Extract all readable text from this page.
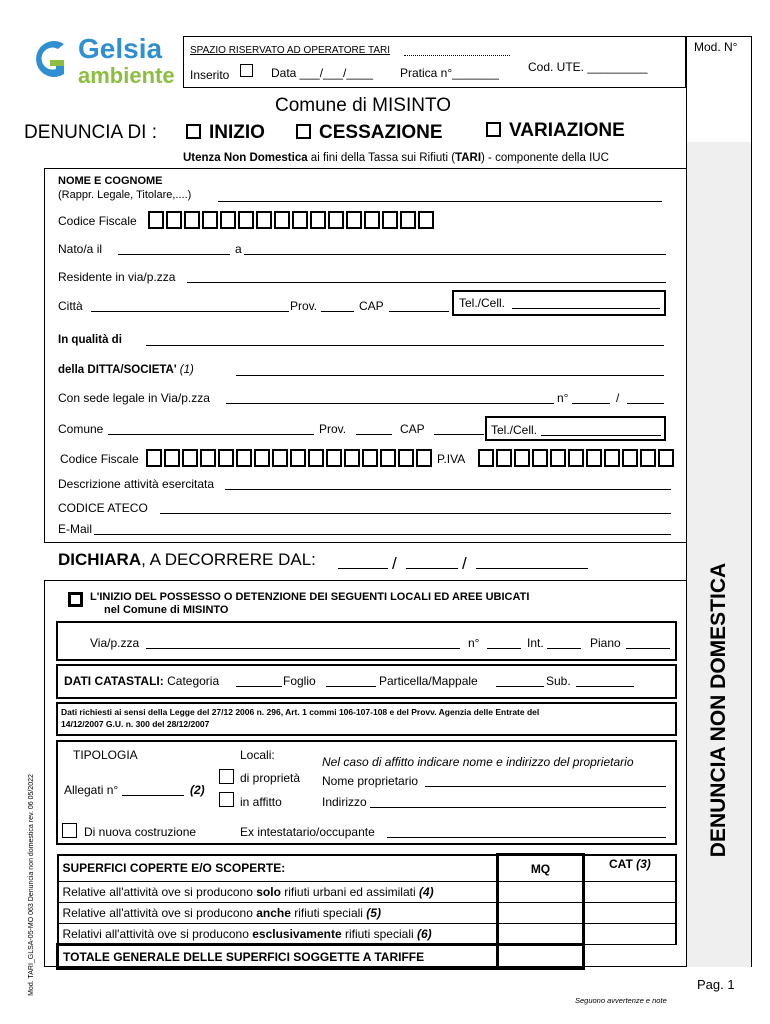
Gelsia
ambiente
SPAZIO RISERVATO AD OPERATORE TARI
Inserito	Data ___/___/____ Pratica n°_______ Cod. UTE. _________
Mod. N°
Comune di MISINTO
DENUNCIA DI :	INIZIO	CESSAZIONE	VARIAZIONE
Utenza Non Domestica ai fini della Tassa sui Rifiuti (TARI) - componente della IUC
DENUNCIA NON DOMESTICA
Mod. TARI_GLSA-05-MO 063 Denuncia non domestica rev. 06 05/2022
NOME E COGNOME
(Rappr. Legale, Titolare,....)
Codice Fiscale
Nato/a il	a
Residente in via/p.zza
Città	Prov.	CAP	Tel./Cell.
In qualità di
della DITTA/SOCIETA' (1)
Con sede legale in Via/p.zza	n°	/
Comune	Prov.	CAP	Tel./Cell.
Codice Fiscale	P.IVA
Descrizione attività esercitata
CODICE ATECO
E-Mail
DICHIARA, A DECORRERE DAL:	/	/
L'INIZIO DEL POSSESSO O DETENZIONE DEI SEGUENTI LOCALI ED AREE UBICATI
nel Comune di MISINTO
Via/p.zza	n°	Int.	Piano
DATI CATASTALI: Categoria	Foglio	Particella/Mappale	Sub.
Dati richiesti ai sensi della Legge del 27/12 2006 n. 296, Art. 1 commi 106-107-108 e del Provv. Agenzia delle Entrate del
14/12/2007 G.U. n. 300 del 28/12/2007
TIPOLOGIA	Locali:	Nel caso di affitto indicare nome e indirizzo del proprietario
di proprietà Nome proprietario
Allegati n°	(2)
in affitto	Indirizzo
Di nuova costruzione	Ex intestatario/occupante
SUPERFICI COPERTE E/O SCOPERTE:	MQ	CAT (3)
Relative all'attività ove si producono solo rifiuti urbani ed assimilati (4)		
Relative all'attività ove si producono anche rifiuti speciali (5)		
Relativi all'attività ove si producono esclusivamente rifiuti speciali (6)		
TOTALE GENERALE DELLE SUPERFICI SOGGETTE A TARIFFE		
Seguono avvertenze e note
Pag. 1
